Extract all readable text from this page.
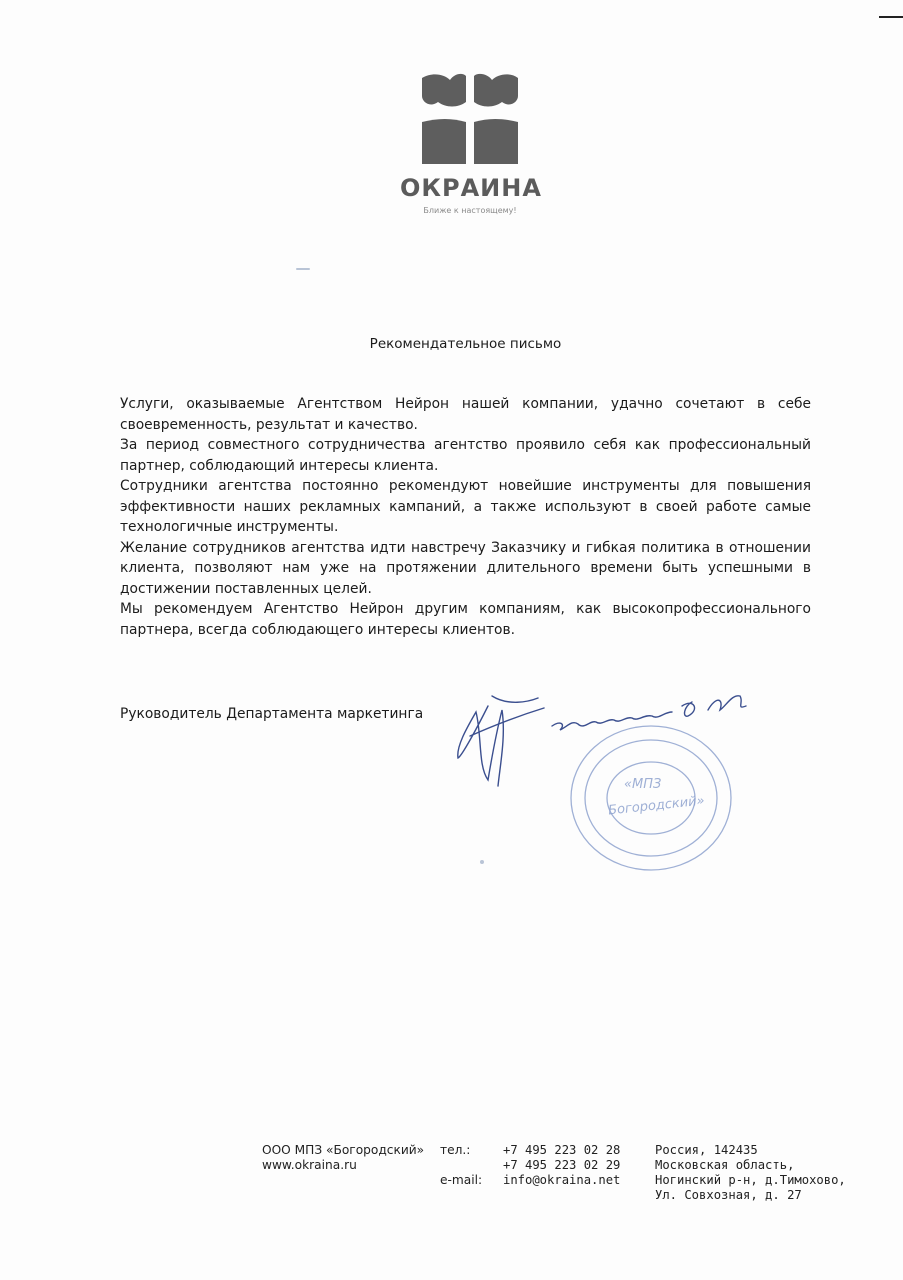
ОКРАИНА
Ближе к настоящему!
Рекомендательное письмо

Услуги, оказываемые Агентством Нейрон нашей компании, удачно сочетают в себе своевременность, результат и качество.

За период совместного сотрудничества агентство проявило себя как профессиональный партнер, соблюдающий интересы клиента.

Сотрудники агентства постоянно рекомендуют новейшие инструменты для повышения эффективности наших рекламных кампаний, а также используют в своей работе самые технологичные инструменты.

Желание сотрудников агентства идти навстречу Заказчику и гибкая политика в отношении клиента, позволяют нам уже на протяжении длительного времени быть успешными в достижении поставленных целей.

Мы рекомендуем Агентство Нейрон другим компаниям, как высокопрофессионального партнера, всегда соблюдающего интересы клиентов.

Руководитель Департамента маркетинга
«МПЗ
Богородский»
ООО МПЗ «Богородский»
www.okraina.ru
тел.:

e-mail:
+7 495 223 02 28
+7 495 223 02 29
info@okraina.net
Россия, 142435
Московская область,
Ногинский р-н, д.Тимохово,
Ул. Совхозная, д. 27
